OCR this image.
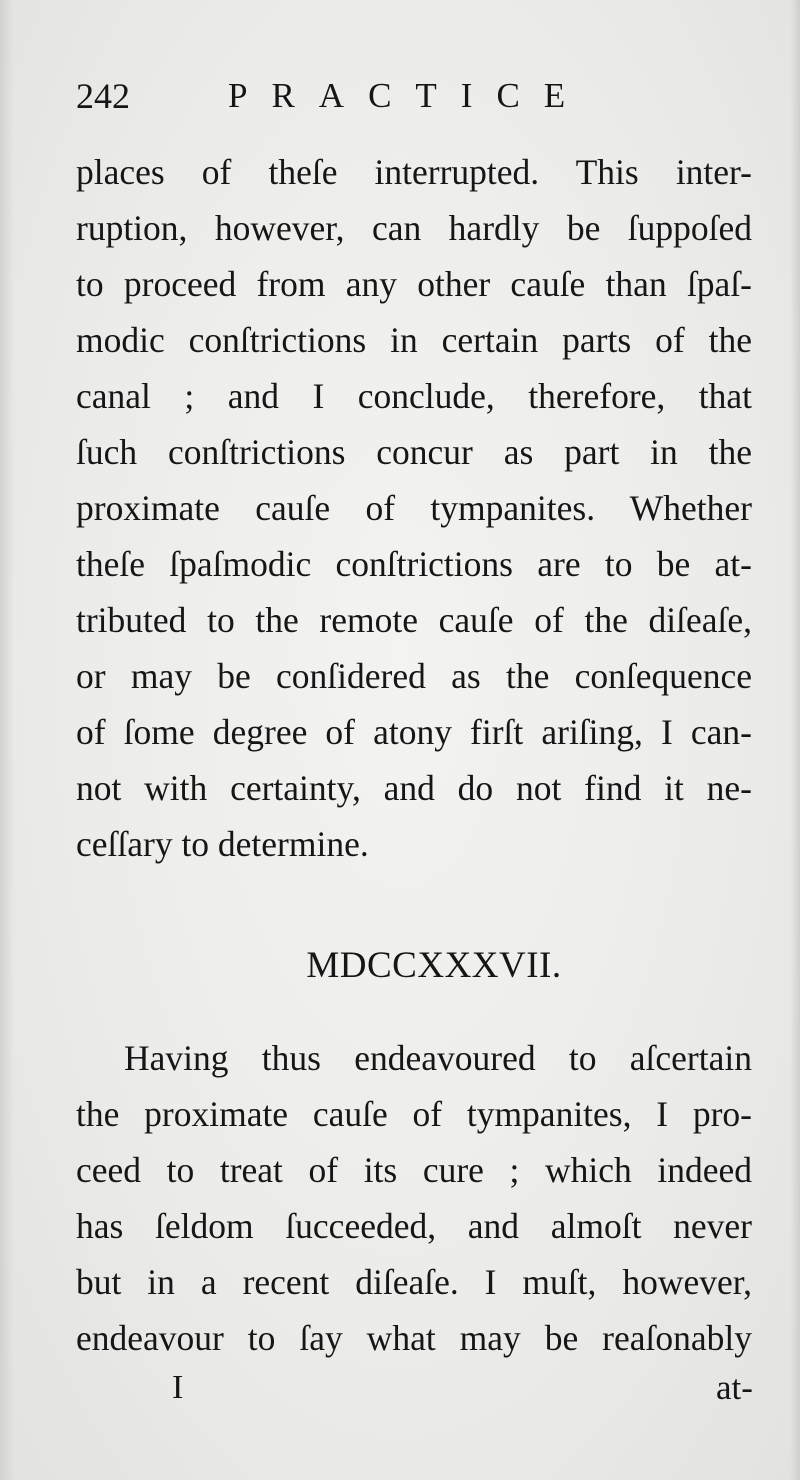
242	PRACTICE
places of theſe interrupted. This inter-
ruption, however, can hardly be ſuppoſed
to proceed from any other cauſe than ſpaſ-
modic conſtrictions in certain parts of the
canal ; and I conclude, therefore, that
ſuch conſtrictions concur as part in the
proximate cauſe of tympanites. Whether
theſe ſpaſmodic conſtrictions are to be at-
tributed to the remote cauſe of the diſeaſe,
or may be conſidered as the conſequence
of ſome degree of atony firſt ariſing, I can-
not with certainty, and do not find it ne-
ceſſary to determine.
MDCCXXXVII.
Having thus endeavoured to aſcertain
the proximate cauſe of tympanites, I pro-
ceed to treat of its cure ; which indeed
has ſeldom ſucceeded, and almoſt never
but in a recent diſeaſe. I muſt, however,
endeavour to ſay what may be reaſonably
I	at-
